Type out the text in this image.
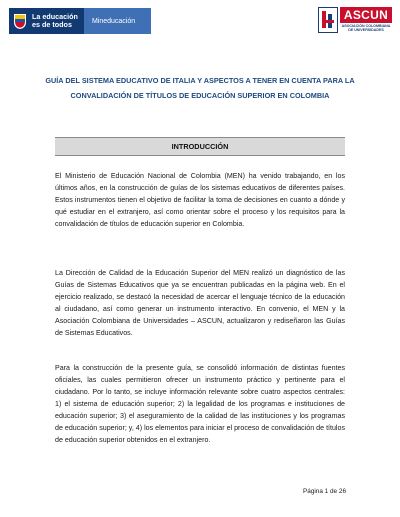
La educación
es de todos	Mineducación	ASCUN
ASOCIACIÓN COLOMBIANA DE UNIVERSIDADES
GUÍA DEL SISTEMA EDUCATIVO DE ITALIA Y ASPECTOS A TENER EN CUENTA PARA LA CONVALIDACIÓN DE TÍTULOS DE EDUCACIÓN SUPERIOR EN COLOMBIA
INTRODUCCIÓN

El Ministerio de Educación Nacional de Colombia (MEN) ha venido trabajando, en los últimos años, en la construcción de guías de los sistemas educativos de diferentes países. Estos instrumentos tienen el objetivo de facilitar la toma de decisiones en cuanto a dónde y qué estudiar en el extranjero, así como orientar sobre el proceso y los requisitos para la convalidación de títulos de educación superior en Colombia.

La Dirección de Calidad de la Educación Superior del MEN realizó un diagnóstico de las Guías de Sistemas Educativos que ya se encuentran publicadas en la página web. En el ejercicio realizado, se destacó la necesidad de acercar el lenguaje técnico de la educación al ciudadano, así como generar un instrumento interactivo. En convenio, el MEN y la Asociación Colombiana de Universidades – ASCUN, actualizaron y rediseñaron las Guías de Sistemas Educativos.

Para la construcción de la presente guía, se consolidó información de distintas fuentes oficiales, las cuales permitieron ofrecer un instrumento práctico y pertinente para el ciudadano. Por lo tanto, se incluye información relevante sobre cuatro aspectos centrales: 1) el sistema de educación superior; 2) la legalidad de los programas e instituciones de educación superior; 3) el aseguramiento de la calidad de las instituciones y los programas de educación superior; y, 4) los elementos para iniciar el proceso de convalidación de títulos de educación superior obtenidos en el extranjero.

Página 1 de 26
